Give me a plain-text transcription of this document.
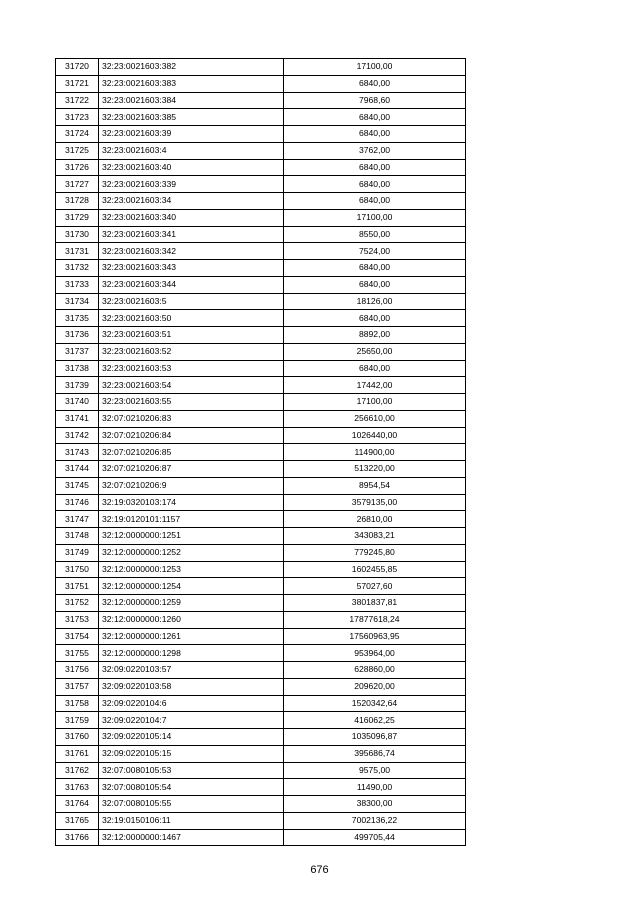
31720	32:23:0021603:382	17100,00
31721	32:23:0021603:383	6840,00
31722	32:23:0021603:384	7968,60
31723	32:23:0021603:385	6840,00
31724	32:23:0021603:39	6840,00
31725	32:23:0021603:4	3762,00
31726	32:23:0021603:40	6840,00
31727	32:23:0021603:339	6840,00
31728	32:23:0021603:34	6840,00
31729	32:23:0021603:340	17100,00
31730	32:23:0021603:341	8550,00
31731	32:23:0021603:342	7524,00
31732	32:23:0021603:343	6840,00
31733	32:23:0021603:344	6840,00
31734	32:23:0021603:5	18126,00
31735	32:23:0021603:50	6840,00
31736	32:23:0021603:51	8892,00
31737	32:23:0021603:52	25650,00
31738	32:23:0021603:53	6840,00
31739	32:23:0021603:54	17442,00
31740	32:23:0021603:55	17100,00
31741	32:07:0210206:83	256610,00
31742	32:07:0210206:84	1026440,00
31743	32:07:0210206:85	114900,00
31744	32:07:0210206:87	513220,00
31745	32:07:0210206:9	8954,54
31746	32:19:0320103:174	3579135,00
31747	32:19:0120101:1157	26810,00
31748	32:12:0000000:1251	343083,21
31749	32:12:0000000:1252	779245,80
31750	32:12:0000000:1253	1602455,85
31751	32:12:0000000:1254	57027,60
31752	32:12:0000000:1259	3801837,81
31753	32:12:0000000:1260	17877618,24
31754	32:12:0000000:1261	17560963,95
31755	32:12:0000000:1298	953964,00
31756	32:09:0220103:57	628860,00
31757	32:09:0220103:58	209620,00
31758	32:09:0220104:6	1520342,64
31759	32:09:0220104:7	416062,25
31760	32:09:0220105:14	1035096,87
31761	32:09:0220105:15	395686,74
31762	32:07:0080105:53	9575,00
31763	32:07:0080105:54	11490,00
31764	32:07:0080105:55	38300,00
31765	32:19:0150106:11	7002136,22
31766	32:12:0000000:1467	499705,44
676
